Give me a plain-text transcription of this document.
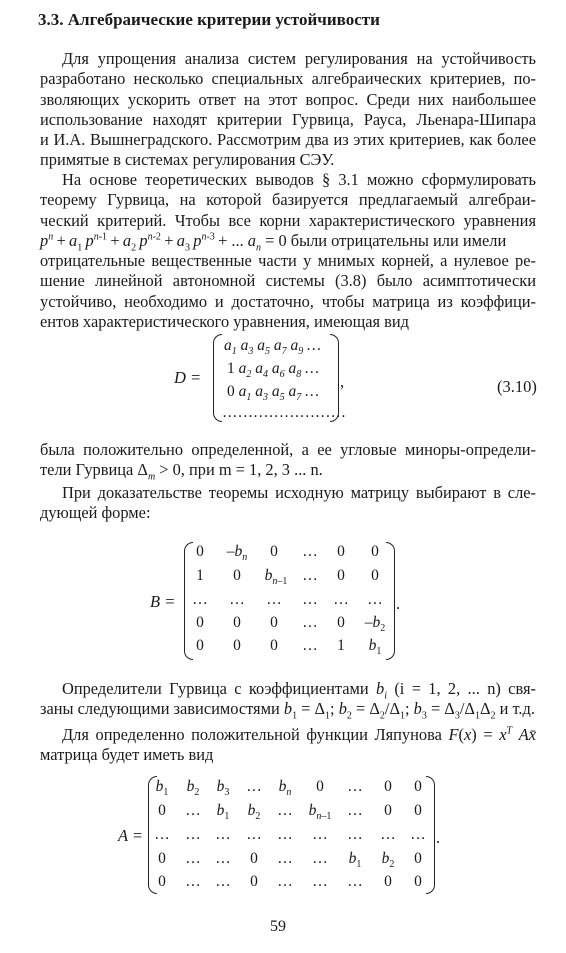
3.3. Алгебраические критерии устойчивости
Для упрощения анализа систем регулирования на устойчивость
разработано несколько специальных алгебраических критериев, по-
зволяющих ускорить ответ на этот вопрос. Среди них наибольшее
использование находят критерии Гурвица, Рауса, Льенара-Шипара
и И.А. Вышнеградского. Рассмотрим два из этих критериев, как более
примятые в системах регулирования СЭУ.
На основе теоретических выводов § 3.1 можно сформулировать
теорему Гурвица, на которой базируется предлагаемый алгебраи-
ческий критерий. Чтобы все корни характеристического уравнения
$p^n + a_1$  $p^{n-1} + a_2$  $p^{n-2} + a_3$  $p^{n-3}$ + ... $a_n = 0$ были отрицательны или имели
отрицательные вещественные части у мнимых корней, а нулевое ре-
шение линейной автономной системы (3.8) было асимптотически
устойчиво, необходимо и достаточно, чтобы матрица из коэффици-
ентов характеристического уравнения, имеющая вид
D =
$a_1$ $a_3$ $a_5$ $a_7$ $a_9$ …
1 $a_2$ $a_4$ $a_6$ $a_8$ …
0 $a_1$ $a_3$ $a_5$ $a_7$ …
……………………
,	(3.10)
была положительно определенной, а ее угловые миноры-определи-
тели Гурвица $\Delta_m > 0$, при m = 1, 2, 3 ... n.
При доказательстве теоремы исходную матрицу выбирают в сле-
дующей форме:
B =
0	$-b_n$	0	…	0	0
1	0	$b_{n-1}$ …	0	0
…	…	…	…	…	…
0	0	0	…	0	$-b_2$
0	0	0	…	1	$b_1$
.
Определители Гурвица с коэффициентами $b_i$ (i = 1, 2, ... n) свя-
заны следующими зависимостями $b_1 = \Delta_1$; $b_2 = \Delta_2/\Delta_1$; $b_3 = \Delta_3/\Delta_1\Delta_2$ и т.д.
Для определенно положительной функции Ляпунова $F(x) = x^T$ Ax̄
матрица будет иметь вид
A =
$b_1$	$b_2$	$b_3$	…	$b_n$	0	…	0	0
0	…	$b_1$	$b_2$	…	$b_{n-1}$	…	0	0
…	… …	…	…	…	…	… …
0	… …	0	…	…	$b_1$	$b_2$	0
0	… …	0	…	…	…	0	0
.
59
